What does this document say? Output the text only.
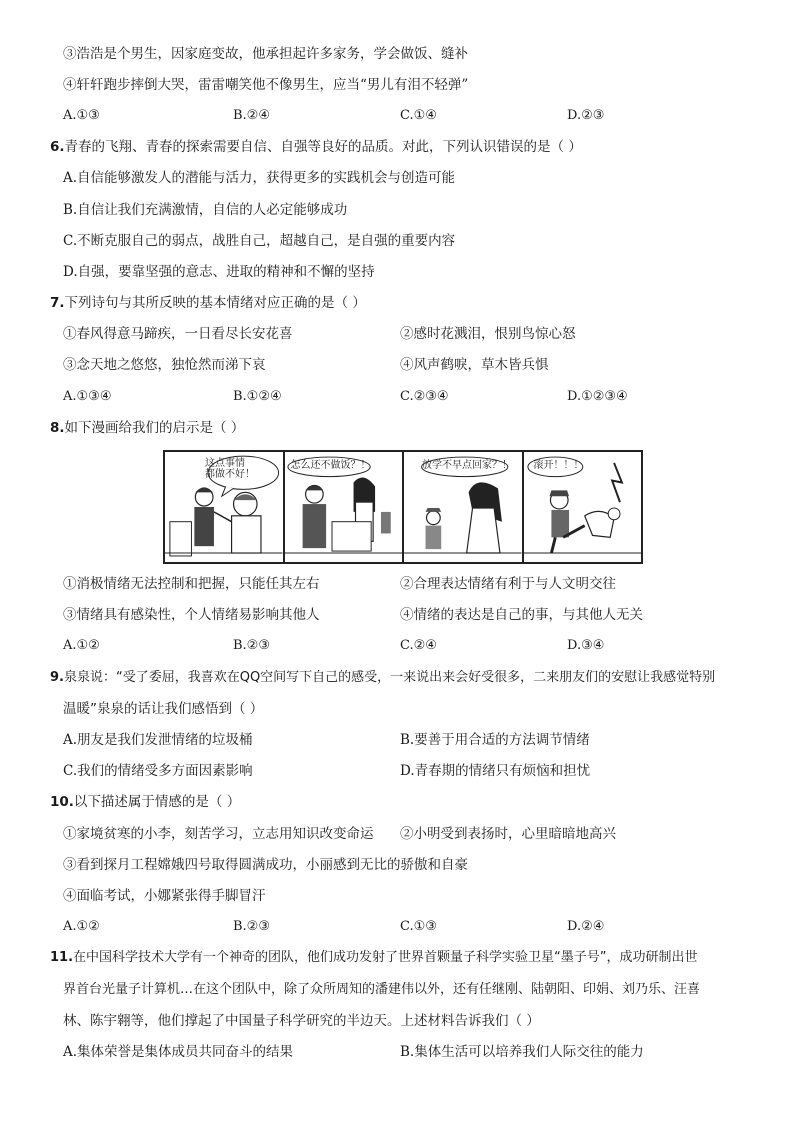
③浩浩是个男生，因家庭变故，他承担起许多家务，学会做饭、缝补
④轩轩跑步摔倒大哭，雷雷嘲笑他不像男生，应当“男儿有泪不轻弹”
A.①③	B.②④	C.①④	D.②③
6.青春的飞翔、青春的探索需要自信、自强等良好的品质。对此，下列认识错误的是（ ）
A.自信能够激发人的潜能与活力，获得更多的实践机会与创造可能
B.自信让我们充满激情，自信的人必定能够成功
C.不断克服自己的弱点，战胜自己，超越自己，是自强的重要内容
D.自强，要靠坚强的意志、进取的精神和不懈的坚持
7.下列诗句与其所反映的基本情绪对应正确的是（ ）
①春风得意马蹄疾，一日看尽长安花喜	②感时花溅泪，恨别鸟惊心怒
③念天地之悠悠，独怆然而涕下哀	④风声鹤唳，草木皆兵惧
A.①③④	B.①②④	C.②③④	D.①②③④
8.如下漫画给我们的启示是（ ）
这点事情
都做不好！
怎么还不做饭？！	放学不早点回家？！ 滚开！！！
①消极情绪无法控制和把握，只能任其左右	②合理表达情绪有利于与人文明交往
③情绪具有感染性，个人情绪易影响其他人	④情绪的表达是自己的事，与其他人无关
A.①②	B.②③	C.②④	D.③④
9.泉泉说：“受了委屈，我喜欢在QQ空间写下自己的感受，一来说出来会好受很多，二来朋友们的安慰让我感觉特别
温暖”泉泉的话让我们感悟到（ ）
A.朋友是我们发泄情绪的垃圾桶	B.要善于用合适的方法调节情绪
C.我们的情绪受多方面因素影响	D.青春期的情绪只有烦恼和担忧
10.以下描述属于情感的是（ ）
①家境贫寒的小李，刻苦学习，立志用知识改变命运 ②小明受到表扬时，心里暗暗地高兴
③看到探月工程嫦娥四号取得圆满成功，小丽感到无比的骄傲和自豪
④面临考试，小娜紧张得手脚冒汗
A.①②	B.②③	C.①③	D.②④
11.在中国科学技术大学有一个神奇的团队，他们成功发射了世界首颗量子科学实验卫星“墨子号”，成功研制出世
界首台光量子计算机…在这个团队中，除了众所周知的潘建伟以外，还有任继刚、陆朝阳、印娟、刘乃乐、汪喜
林、陈宇翱等，他们撑起了中国量子科学研究的半边天。上述材料告诉我们（ ）
A.集体荣誉是集体成员共同奋斗的结果	B.集体生活可以培养我们人际交往的能力
